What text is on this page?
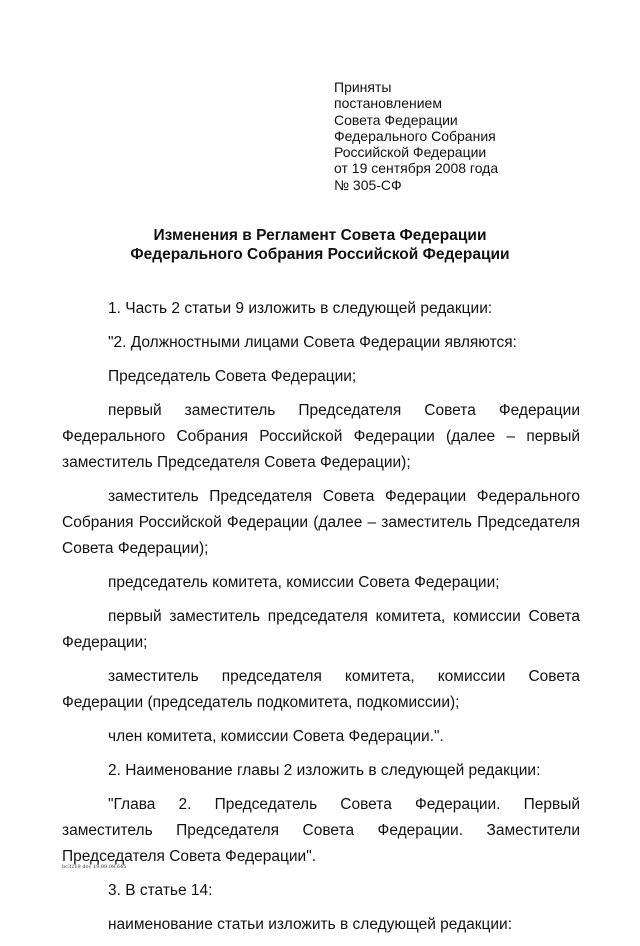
Приняты
постановлением
Совета Федерации
Федерального Собрания
Российской Федерации
от 19 сентября 2008 года
№ 305-СФ
Изменения в Регламент Совета Федерации
Федерального Собрания Российской Федерации

1. Часть 2 статьи 9 изложить в следующей редакции:

"2. Должностными лицами Совета Федерации являются:

Председатель Совета Федерации;

первый заместитель Председателя Совета Федерации Федерального Собрания Российской Федерации (далее – первый заместитель Председателя Совета Федерации);

заместитель Председателя Совета Федерации Федерального Собрания Российской Федерации (далее – заместитель Председателя Совета Федерации);

председатель комитета, комиссии Совета Федерации;

первый заместитель председателя комитета, комиссии Совета Федерации;

заместитель председателя комитета, комиссии Совета Федерации (председатель подкомитета, подкомиссии);

член комитета, комиссии Совета Федерации.".

2. Наименование главы 2 изложить в следующей редакции:

"Глава 2. Председатель Совета Федерации. Первый заместитель Председателя Совета Федерации. Заместители Председателя Совета Федерации".

3. В статье 14:

наименование статьи изложить в следующей редакции:

bc3219 doc 19.09.08 645
